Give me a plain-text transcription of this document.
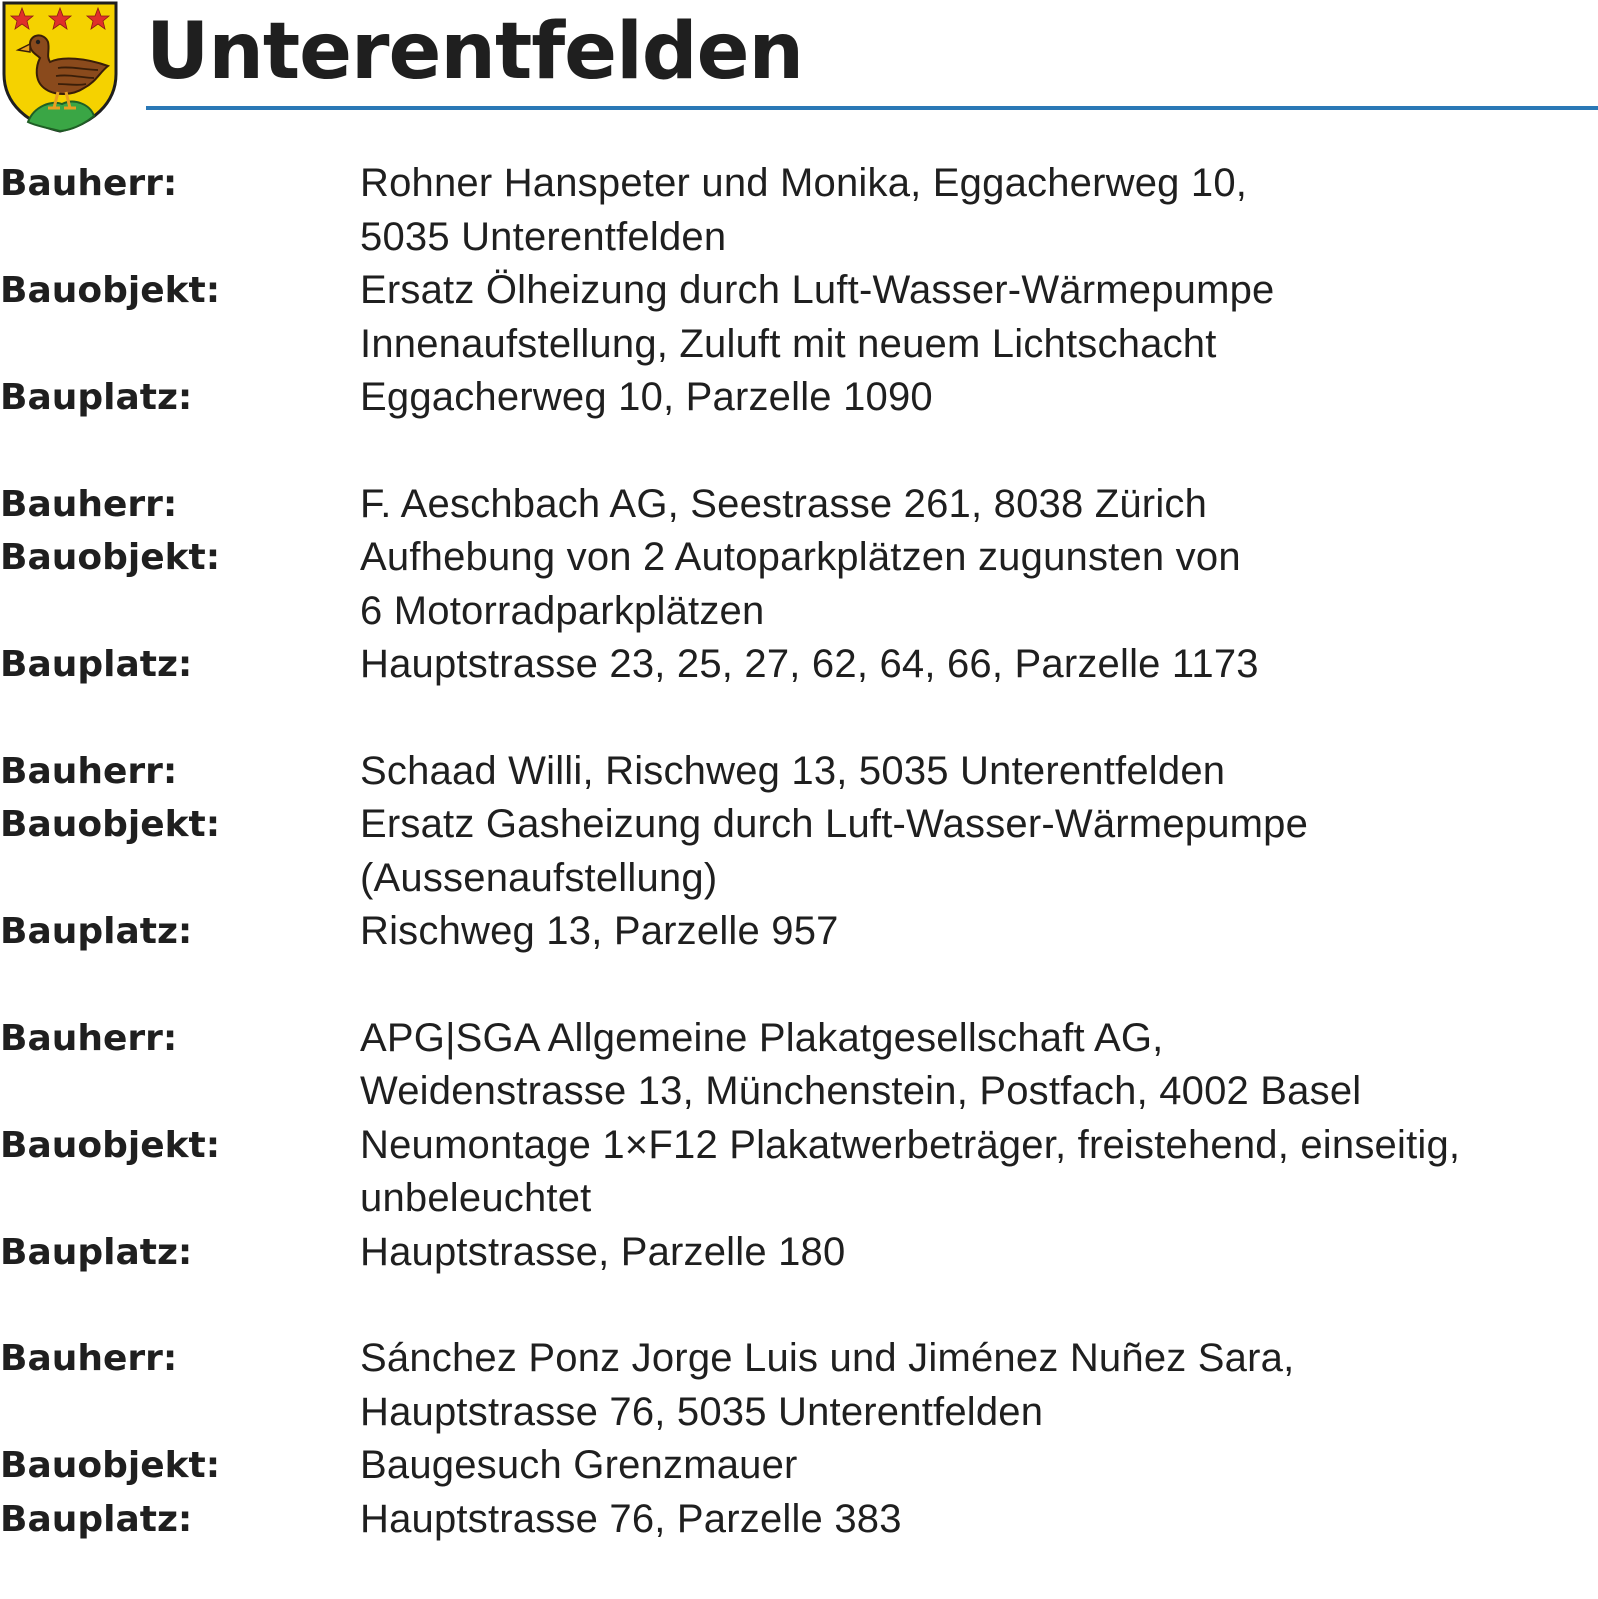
Unterentfelden
Bauherr:	Rohner Hanspeter und Monika, Eggacherweg 10,
5035 Unterentfelden
Bauobjekt:	Ersatz Ölheizung durch Luft-Wasser-Wärmepumpe
Innenaufstellung, Zuluft mit neuem Lichtschacht
Bauplatz:	Eggacherweg 10, Parzelle 1090
Bauherr:	F. Aeschbach AG, Seestrasse 261, 8038 Zürich
Bauobjekt:	Aufhebung von 2 Autoparkplätzen zugunsten von
6 Motorradparkplätzen
Bauplatz:	Hauptstrasse 23, 25, 27, 62, 64, 66, Parzelle 1173
Bauherr:	Schaad Willi, Rischweg 13, 5035 Unterentfelden
Bauobjekt:	Ersatz Gasheizung durch Luft-Wasser-Wärmepumpe
(Aussenaufstellung)
Bauplatz:	Rischweg 13, Parzelle 957
Bauherr:	APG|SGA Allgemeine Plakatgesellschaft AG,
Weidenstrasse 13, Münchenstein, Postfach, 4002 Basel
Bauobjekt:	Neumontage 1×F12 Plakatwerbeträger, freistehend, einseitig,
unbeleuchtet
Bauplatz:	Hauptstrasse, Parzelle 180
Bauherr:	Sánchez Ponz Jorge Luis und Jiménez Nuñez Sara,
Hauptstrasse 76, 5035 Unterentfelden
Bauobjekt:	Baugesuch Grenzmauer
Bauplatz:	Hauptstrasse 76, Parzelle 383
